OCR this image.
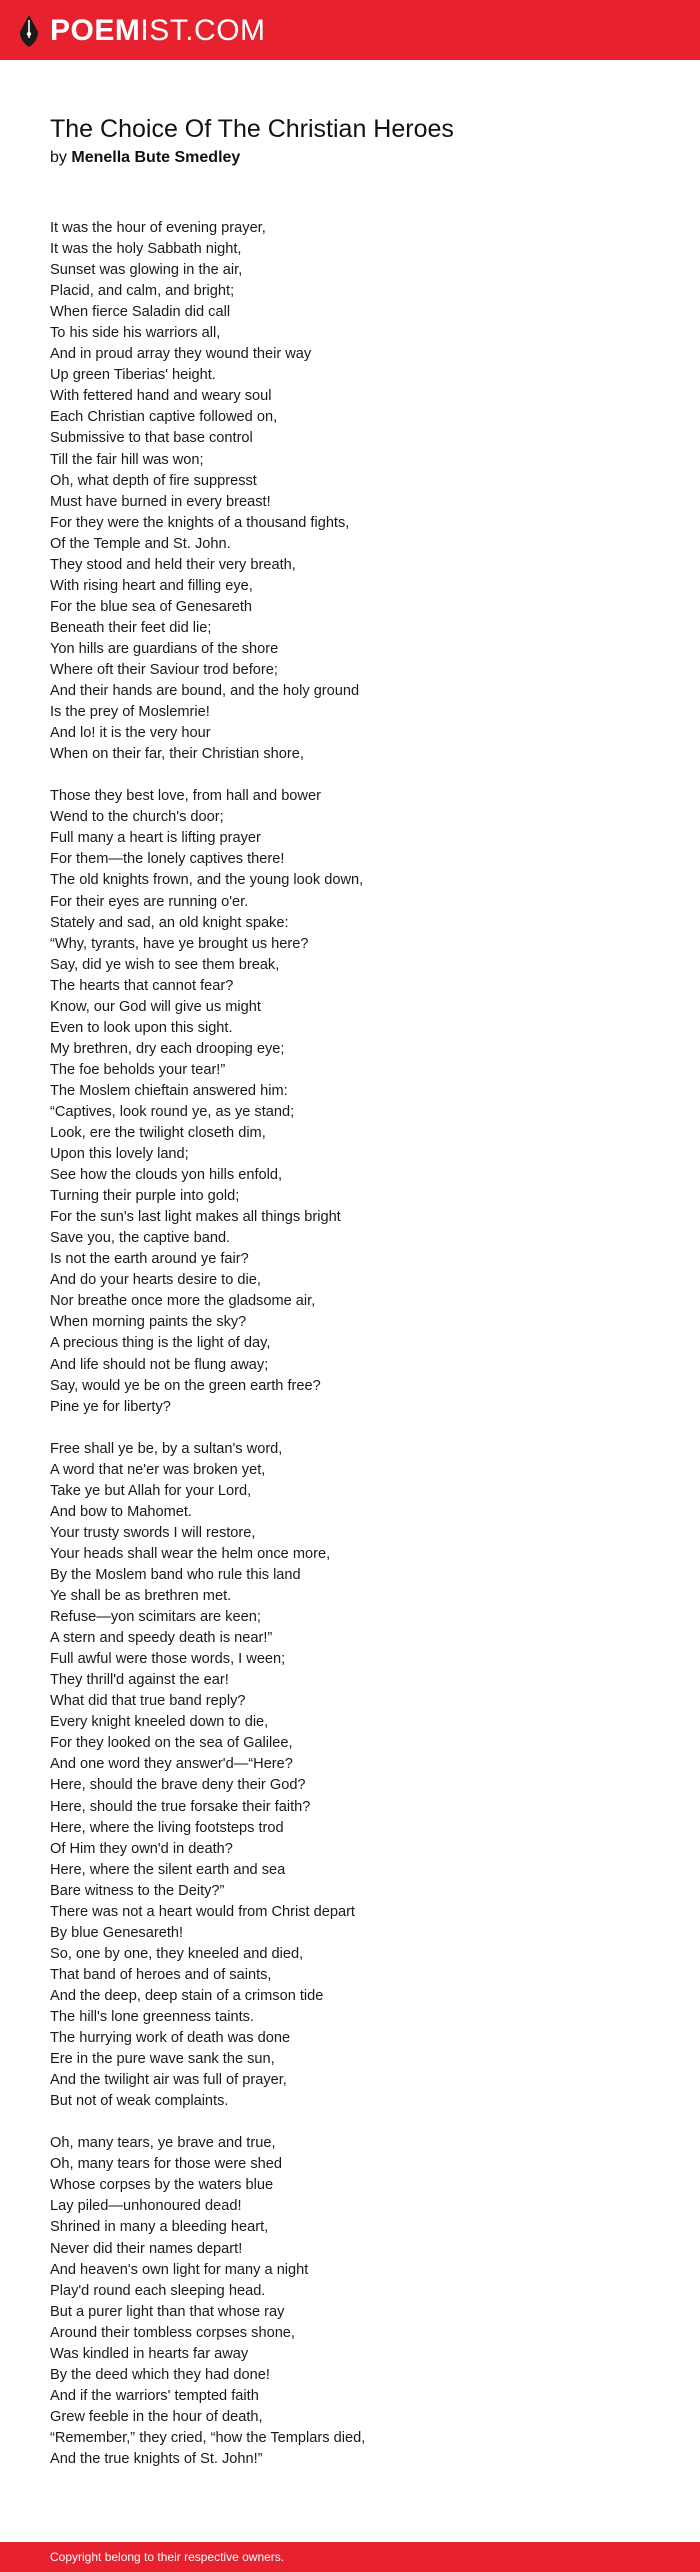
POEMIST.COM
The Choice Of The Christian Heroes
by Menella Bute Smedley
It was the hour of evening prayer,
It was the holy Sabbath night,
Sunset was glowing in the air,
Placid, and calm, and bright;
When fierce Saladin did call
To his side his warriors all,
And in proud array they wound their way
Up green Tiberias' height.
With fettered hand and weary soul
Each Christian captive followed on,
Submissive to that base control
Till the fair hill was won;
Oh, what depth of fire suppresst
Must have burned in every breast!
For they were the knights of a thousand fights,
Of the Temple and St. John.
They stood and held their very breath,
With rising heart and filling eye,
For the blue sea of Genesareth
Beneath their feet did lie;
Yon hills are guardians of the shore
Where oft their Saviour trod before;
And their hands are bound, and the holy ground
Is the prey of Moslemrie!
And lo! it is the very hour
When on their far, their Christian shore,
Those they best love, from hall and bower
Wend to the church's door;
Full many a heart is lifting prayer
For them—the lonely captives there!
The old knights frown, and the young look down,
For their eyes are running o'er.
Stately and sad, an old knight spake:
“Why, tyrants, have ye brought us here?
Say, did ye wish to see them break,
The hearts that cannot fear?
Know, our God will give us might
Even to look upon this sight.
My brethren, dry each drooping eye;
The foe beholds your tear!”
The Moslem chieftain answered him:
“Captives, look round ye, as ye stand;
Look, ere the twilight closeth dim,
Upon this lovely land;
See how the clouds yon hills enfold,
Turning their purple into gold;
For the sun's last light makes all things bright
Save you, the captive band.
Is not the earth around ye fair?
And do your hearts desire to die,
Nor breathe once more the gladsome air,
When morning paints the sky?
A precious thing is the light of day,
And life should not be flung away;
Say, would ye be on the green earth free?
Pine ye for liberty?
Free shall ye be, by a sultan's word,
A word that ne'er was broken yet,
Take ye but Allah for your Lord,
And bow to Mahomet.
Your trusty swords I will restore,
Your heads shall wear the helm once more,
By the Moslem band who rule this land
Ye shall be as brethren met.
Refuse—yon scimitars are keen;
A stern and speedy death is near!”
Full awful were those words, I ween;
They thrill'd against the ear!
What did that true band reply?
Every knight kneeled down to die,
For they looked on the sea of Galilee,
And one word they answer'd—“Here?
Here, should the brave deny their God?
Here, should the true forsake their faith?
Here, where the living footsteps trod
Of Him they own'd in death?
Here, where the silent earth and sea
Bare witness to the Deity?”
There was not a heart would from Christ depart
By blue Genesareth!
So, one by one, they kneeled and died,
That band of heroes and of saints,
And the deep, deep stain of a crimson tide
The hill's lone greenness taints.
The hurrying work of death was done
Ere in the pure wave sank the sun,
And the twilight air was full of prayer,
But not of weak complaints.
Oh, many tears, ye brave and true,
Oh, many tears for those were shed
Whose corpses by the waters blue
Lay piled—unhonoured dead!
Shrined in many a bleeding heart,
Never did their names depart!
And heaven's own light for many a night
Play'd round each sleeping head.
But a purer light than that whose ray
Around their tombless corpses shone,
Was kindled in hearts far away
By the deed which they had done!
And if the warriors' tempted faith
Grew feeble in the hour of death,
“Remember,” they cried, “how the Templars died,
And the true knights of St. John!”
Copyright belong to their respective owners.
